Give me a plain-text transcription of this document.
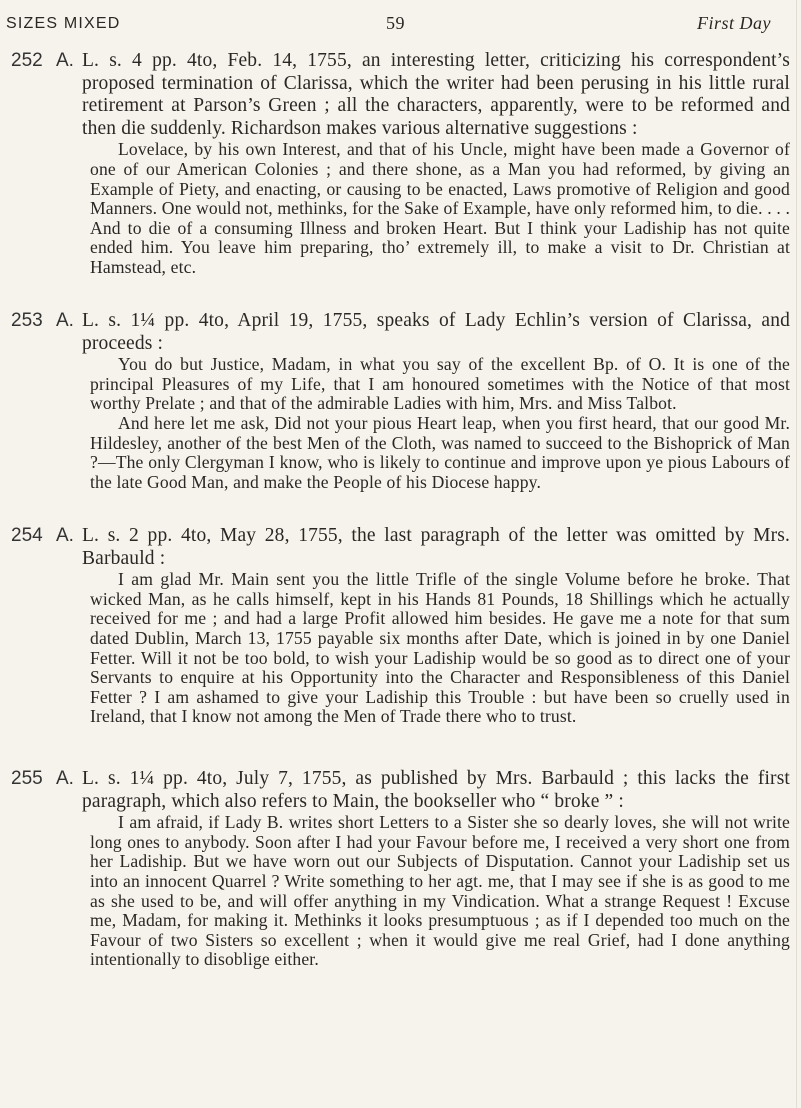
SIZES MIXED	59	First Day
252 A. L. s. 4 pp. 4to, Feb. 14, 1755, an interesting letter, criticizing his correspondent’s proposed termination of Clarissa, which the writer had been perusing in his little rural retirement at Parson’s Green ; all the characters, apparently, were to be reformed and then die suddenly. Richardson makes various alternative suggestions :
Lovelace, by his own Interest, and that of his Uncle, might have been made a Governor of one of our American Colonies ; and there shone, as a Man you had reformed, by giving an Example of Piety, and enacting, or causing to be enacted, Laws promotive of Religion and good Manners. One would not, methinks, for the Sake of Example, have only reformed him, to die. . . . And to die of a consuming Illness and broken Heart. But I think your Ladiship has not quite ended him. You leave him preparing, tho’ extremely ill, to make a visit to Dr. Christian at Hamstead, etc.
253 A. L. s. 1¼ pp. 4to, April 19, 1755, speaks of Lady Echlin’s version of Clarissa, and proceeds :
You do but Justice, Madam, in what you say of the excellent Bp. of O. It is one of the principal Pleasures of my Life, that I am honoured sometimes with the Notice of that most worthy Prelate ; and that of the admirable Ladies with him, Mrs. and Miss Talbot.
And here let me ask, Did not your pious Heart leap, when you first heard, that our good Mr. Hildesley, another of the best Men of the Cloth, was named to succeed to the Bishoprick of Man ?—The only Clergyman I know, who is likely to continue and improve upon ye pious Labours of the late Good Man, and make the People of his Diocese happy.
254 A. L. s. 2 pp. 4to, May 28, 1755, the last paragraph of the letter was omitted by Mrs. Barbauld :
I am glad Mr. Main sent you the little Trifle of the single Volume before he broke. That wicked Man, as he calls himself, kept in his Hands 81 Pounds, 18 Shillings which he actually received for me ; and had a large Profit allowed him besides. He gave me a note for that sum dated Dublin, March 13, 1755 payable six months after Date, which is joined in by one Daniel Fetter. Will it not be too bold, to wish your Ladiship would be so good as to direct one of your Servants to enquire at his Opportunity into the Character and Responsibleness of this Daniel Fetter ? I am ashamed to give your Ladiship this Trouble : but have been so cruelly used in Ireland, that I know not among the Men of Trade there who to trust.
255 A. L. s. 1¼ pp. 4to, July 7, 1755, as published by Mrs. Barbauld ; this lacks the first paragraph, which also refers to Main, the bookseller who “ broke ” :
I am afraid, if Lady B. writes short Letters to a Sister she so dearly loves, she will not write long ones to anybody. Soon after I had your Favour before me, I received a very short one from her Ladiship. But we have worn out our Subjects of Disputation. Cannot your Ladiship set us into an innocent Quarrel ? Write something to her agt. me, that I may see if she is as good to me as she used to be, and will offer anything in my Vindication. What a strange Request ! Excuse me, Madam, for making it. Methinks it looks presumptuous ; as if I depended too much on the Favour of two Sisters so excellent ; when it would give me real Grief, had I done anything intentionally to disoblige either.
